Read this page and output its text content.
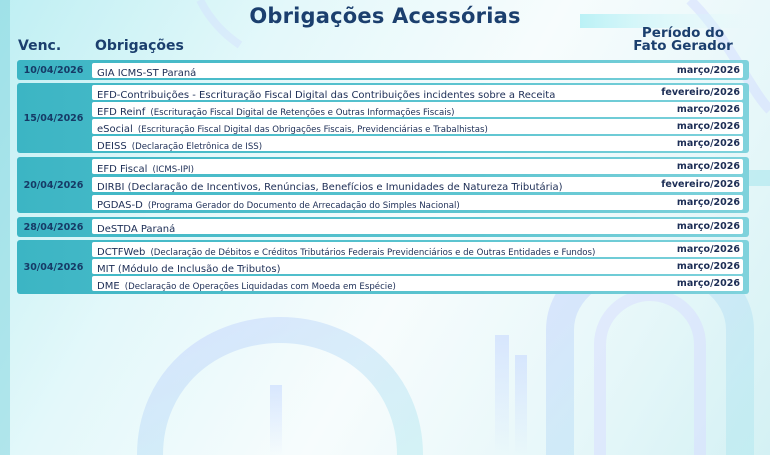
Obrigações Acessórias
Venc. Obrigações
Período do Fato Gerador
10/04/2026	GIA ICMS-ST Paraná	março/2026
15/04/2026
EFD-Contribuições - Escrituração Fiscal Digital das Contribuições incidentes sobre a Receita	fevereiro/2026
EFD Reinf (Escrituração Fiscal Digital de Retenções e Outras Informações Fiscais)	março/2026
eSocial (Escrituração Fiscal Digital das Obrigações Fiscais, Previdenciárias e Trabalhistas)	março/2026
DEISS (Declaração Eletrônica de ISS)	março/2026
20/04/2026
EFD Fiscal (ICMS-IPI)	março/2026
DIRBI (Declaração de Incentivos, Renúncias, Benefícios e Imunidades de Natureza Tributária)	fevereiro/2026
PGDAS-D (Programa Gerador do Documento de Arrecadação do Simples Nacional)	março/2026
28/04/2026	DeSTDA Paraná	março/2026
30/04/2026
DCTFWeb (Declaração de Débitos e Créditos Tributários Federais Previdenciários e de Outras Entidades e Fundos)	março/2026
MIT (Módulo de Inclusão de Tributos)	março/2026
DME (Declaração de Operações Liquidadas com Moeda em Espécie)	março/2026
